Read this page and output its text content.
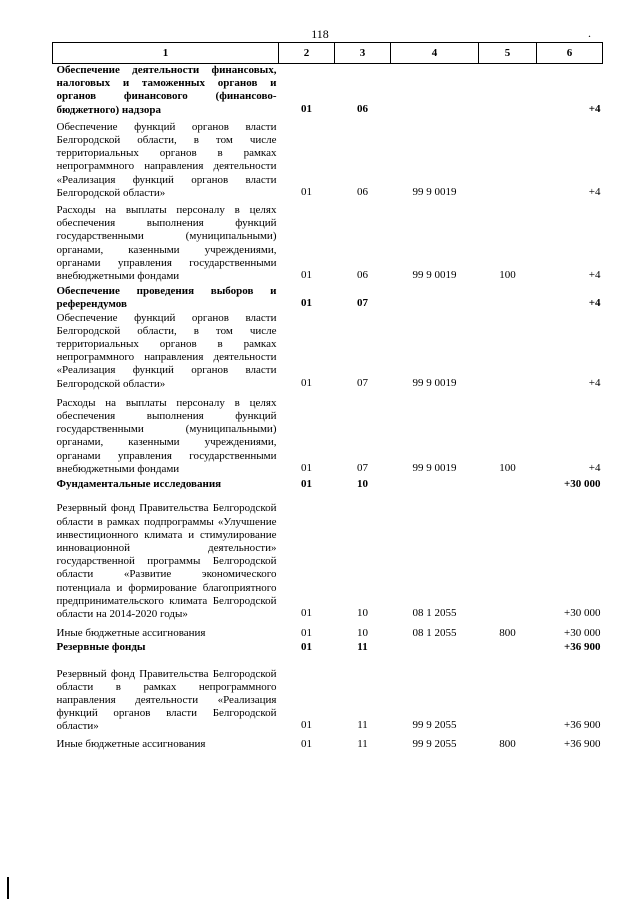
118	.
1	2	3	4	5	6
Обеспечение деятельности финансовых, налоговых и таможенных органов и органов финансового (финансово-бюджетного) надзора	01	06			+4

Обеспечение функций органов власти Белгородской области, в том числе территориальных органов в рамках непрограммного направления деятельности «Реализация функций органов власти Белгородской области»	01	06	99 9 0019		+4

Расходы на выплаты персоналу в целях обеспечения выполнения функций государственными (муниципальными) органами, казенными учреждениями, органами управления государственными внебюджетными фондами	01	06	99 9 0019	100	+4

Обеспечение проведения выборов и референдумов	01	07			+4
Обеспечение функций органов власти Белгородской области, в том числе территориальных органов в рамках непрограммного направления деятельности «Реализация функций органов власти Белгородской области»	01	07	99 9 0019		+4

Расходы на выплаты персоналу в целях обеспечения выполнения функций государственными (муниципальными) органами, казенными учреждениями, органами управления государственными внебюджетными фондами	01	07	99 9 0019	100	+4

Фундаментальные исследования	01	10			+30 000

Резервный фонд Правительства Белгородской области в рамках подпрограммы «Улучшение инвестиционного климата и стимулирование инновационной деятельности» государственной программы Белгородской области «Развитие экономического потенциала и формирование благоприятного предпринимательского климата Белгородской области на 2014-2020 годы»	01	10	08 1 2055		+30 000

Иные бюджетные ассигнования	01	10	08 1 2055	800	+30 000
Резервные фонды	01	11			+36 900

Резервный фонд Правительства Белгородской области в рамках непрограммного направления деятельности «Реализация функций органов власти Белгородской области»	01	11	99 9 2055		+36 900

Иные бюджетные ассигнования	01	11	99 9 2055	800	+36 900
